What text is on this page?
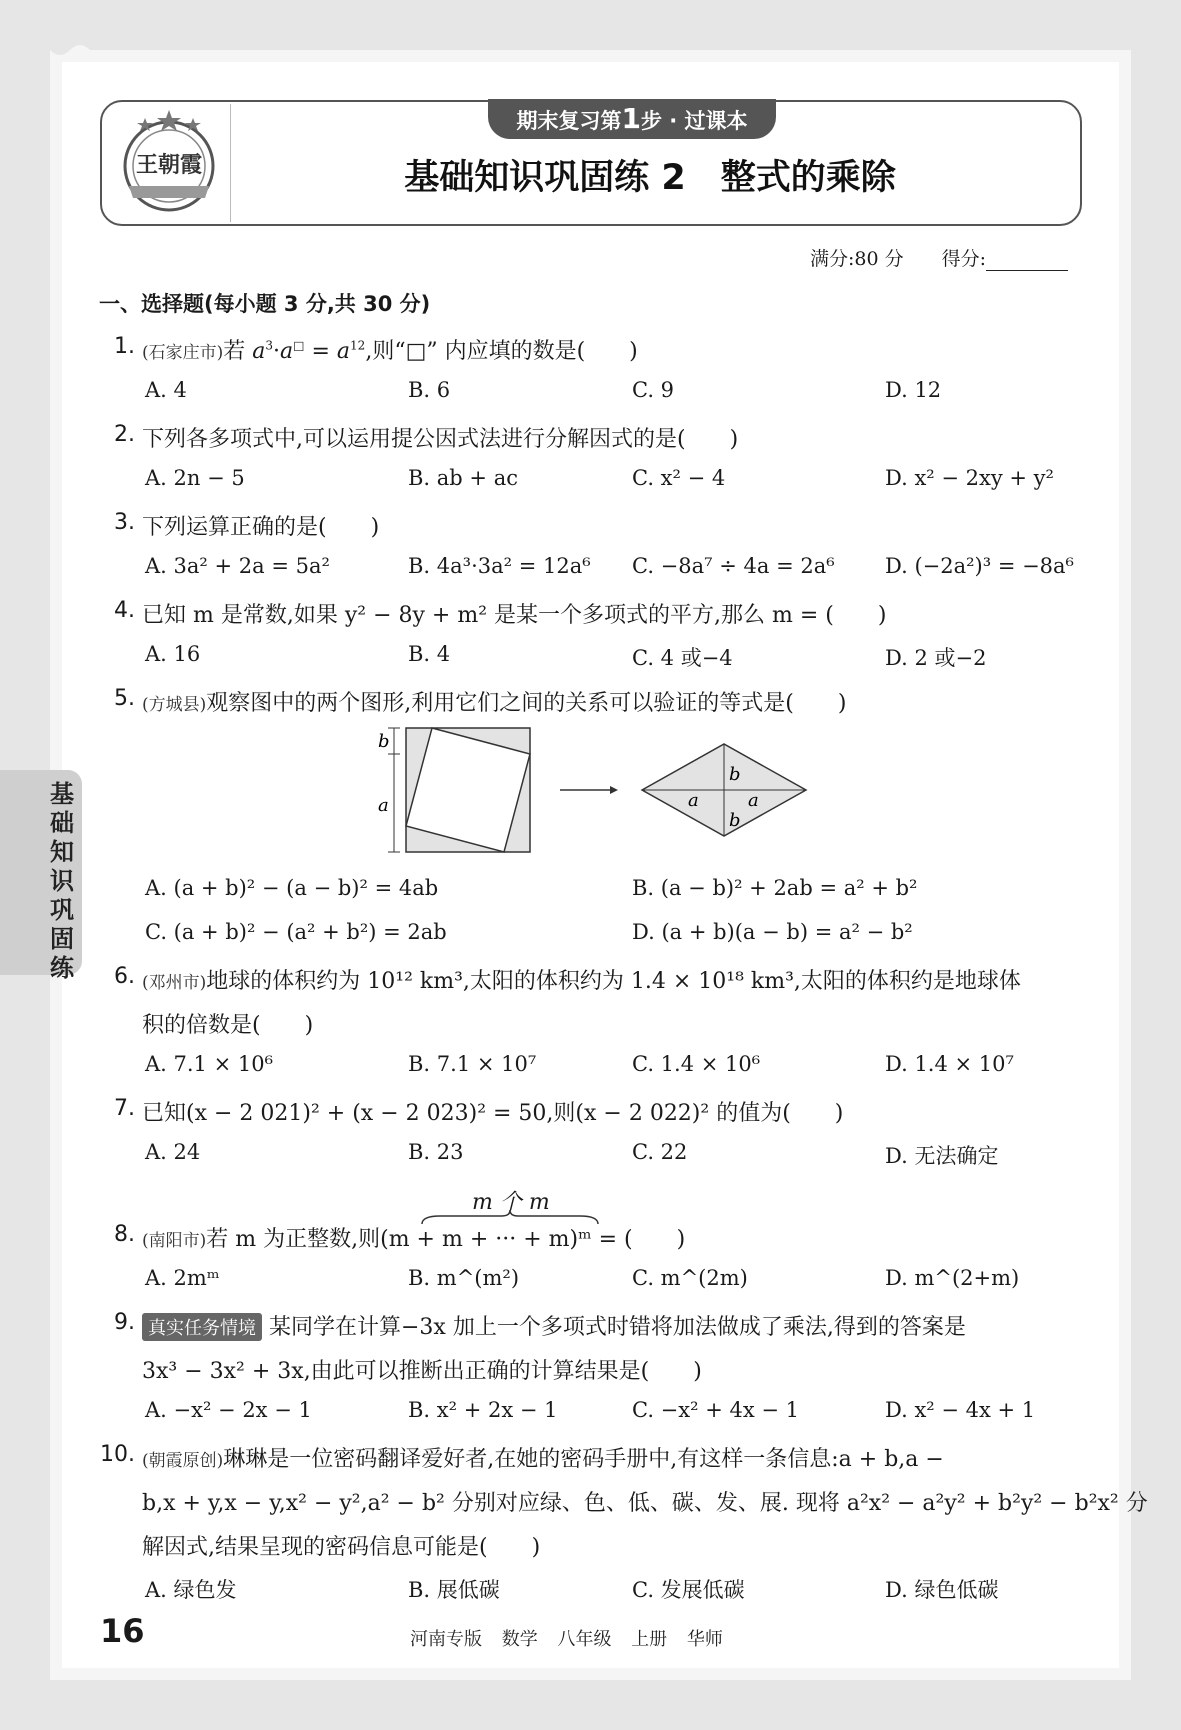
基础知识巩固练
期末复习第1步 · 过课本
基础知识巩固练 2　整式的乘除
王朝霞
满分:80 分　　 得分:
一、选择题(每小题 3 分,共 30 分)
1. (石家庄市)若 $a^3\cdot a^□ = a^{12}$,则“□” 内应填的数是(　　)
A. 4	B. 6	C. 9	D. 12
2. 下列各多项式中,可以运用提公因式法进行分解因式的是(　　)
A. 2n − 5	B. ab + ac	C. x² − 4	D. x² − 2xy + y²
3. 下列运算正确的是(　　)
A. 3a² + 2a = 5a²	B. 4a³·3a² = 12a⁶ C. −8a⁷ ÷ 4a = 2a⁶ D. (−2a²)³ = −8a⁶
4. 已知 m 是常数,如果 y² − 8y + m² 是某一个多项式的平方,那么 m = (　　)
A. 16	B. 4	C. 4 或−4	D. 2 或−2
5. (方城县)观察图中的两个图形,利用它们之间的关系可以验证的等式是(　　)
b
a
b
a	a
b
A. (a + b)² − (a − b)² = 4ab	B. (a − b)² + 2ab = a² + b²
C. (a + b)² − (a² + b²) = 2ab	D. (a + b)(a − b) = a² − b²
6. (邓州市)地球的体积约为 10¹² km³,太阳的体积约为 1.4 × 10¹⁸ km³,太阳的体积约是地球体
积的倍数是(　　)
A. 7.1 × 10⁶	B. 7.1 × 10⁷	C. 1.4 × 10⁶	D. 1.4 × 10⁷
7. 已知(x − 2 021)² + (x − 2 023)² = 50,则(x − 2 022)² 的值为(　　)
A. 24	B. 23	C. 22	D. 无法确定
m 个 m
8. (南阳市)若 m 为正整数,则(m + m + ··· + m)ᵐ = (　　)
A. 2mᵐ	B. m^(m²)	C. m^(2m)	D. m^(2+m)
9. 真实任务情境 某同学在计算−3x 加上一个多项式时错将加法做成了乘法,得到的答案是
3x³ − 3x² + 3x,由此可以推断出正确的计算结果是(　　)
A. −x² − 2x − 1	B. x² + 2x − 1	C. −x² + 4x − 1	D. x² − 4x + 1
10. (朝霞原创)琳琳是一位密码翻译爱好者,在她的密码手册中,有这样一条信息:a + b,a −
b,x + y,x − y,x² − y²,a² − b² 分别对应绿、色、低、碳、发、展. 现将 a²x² − a²y² + b²y² − b²x² 分
解因式,结果呈现的密码信息可能是(　　)
A. 绿色发	B. 展低碳	C. 发展低碳	D. 绿色低碳
16	河南专版 数学 八年级 上册 华师
